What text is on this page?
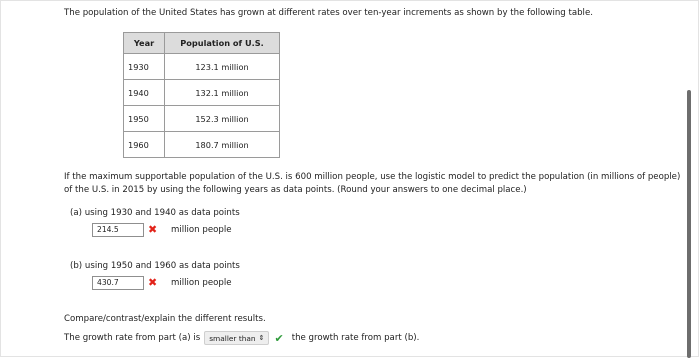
The population of the United States has grown at different rates over ten-year increments as shown by the following table.
Year	Population of U.S.
1930	123.1 million
1940	132.1 million
1950	152.3 million
1960	180.7 million
If the maximum supportable population of the U.S. is 600 million people, use the logistic model to predict the population (in millions of people) of the U.S. in 2015 by using the following years as data points. (Round your answers to one decimal place.)
(a) using 1930 and 1940 as data points
214.5	✖ million people
(b) using 1950 and 1960 as data points
430.7	✖ million people
Compare/contrast/explain the different results.
The growth rate from part (a) is smaller than ⇕ ✔ the growth rate from part (b).
